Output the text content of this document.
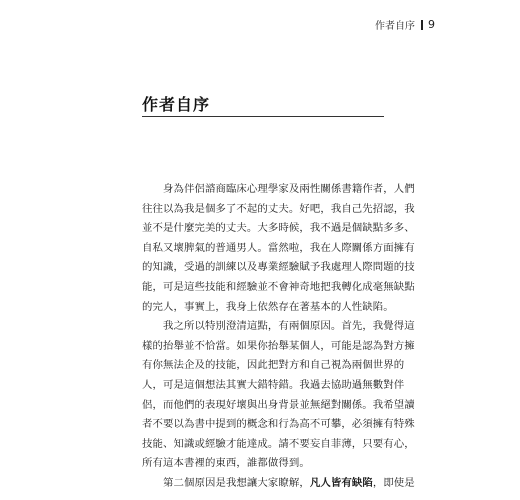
作者自序 9
作者自序
身為伴侶諮商臨床心理學家及兩性關係書籍作者，人們
往往以為我是個多了不起的丈夫。好吧，我自己先招認，我
並不是什麼完美的丈夫。大多時候，我不過是個缺點多多、
自私又壞脾氣的普通男人。當然啦，我在人際關係方面擁有
的知識，受過的訓練以及專業經驗賦予我處理人際問題的技
能，可是這些技能和經驗並不會神奇地把我轉化成毫無缺點
的完人，事實上，我身上依然存在著基本的人性缺陷。
我之所以特別澄清這點，有兩個原因。首先，我覺得這
樣的抬舉並不恰當。如果你抬舉某個人，可能是認為對方擁
有你無法企及的技能，因此把對方和自己視為兩個世界的
人，可是這個想法其實大錯特錯。我過去協助過無數對伴
侶，而他們的表現好壞與出身背景並無絕對關係。我希望讀
者不要以為書中提到的概念和行為高不可攀，必須擁有特殊
技能、知識或經驗才能達成。請不要妄自菲薄，只要有心，
所有這本書裡的東西，誰都做得到。
第二個原因是我想讓大家瞭解，凡人皆有缺陷，即使是
